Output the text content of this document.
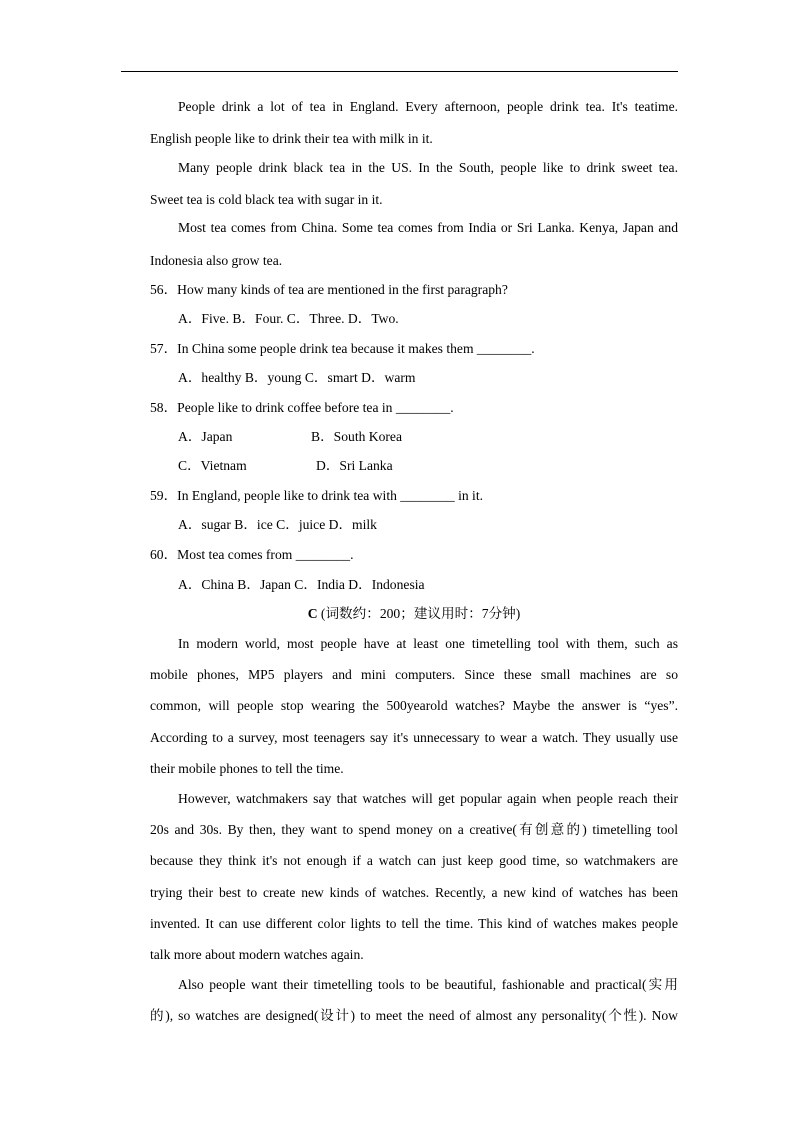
People drink a lot of tea in England. Every afternoon, people drink tea. It's teatime.
English people like to drink their tea with milk in it.
Many people drink black tea in the US. In the South, people like to drink sweet tea.
Sweet tea is cold black tea with sugar in it.
Most tea comes from China. Some tea comes from India or Sri Lanka. Kenya, Japan and
Indonesia also grow tea.
56．How many kinds of tea are mentioned in the first paragraph?
A．Five. B．Four. C．Three. D．Two.
57．In China some people drink tea because it makes them ________.
A．healthy B．young C．smart D．warm
58．People like to drink coffee before tea in ________.
A．Japan	B．South Korea
C．Vietnam	D．Sri Lanka
59．In England, people like to drink tea with ________ in it.
A．sugar B．ice C．juice D．milk
60．Most tea comes from ________.
A．China B．Japan C．India D．Indonesia
C (词数约：200；建议用时：7分钟)
In modern world, most people have at least one timetelling tool with them, such as
mobile phones, MP5 players and mini computers. Since these small machines are so
common, will people stop wearing the 500yearold watches? Maybe the answer is “yes”.
According to a survey, most teenagers say it's unnecessary to wear a watch. They usually use
their mobile phones to tell the time.
However, watchmakers say that watches will get popular again when people reach their
20s and 30s. By then, they want to spend money on a creative(有创意的) timetelling tool
because they think it's not enough if a watch can just keep good time, so watchmakers are
trying their best to create new kinds of watches. Recently, a new kind of watches has been
invented. It can use different color lights to tell the time. This kind of watches makes people
talk more about modern watches again.
Also people want their timetelling tools to be beautiful, fashionable and practical(实用
的), so watches are designed(设计) to meet the need of almost any personality(个性). Now
